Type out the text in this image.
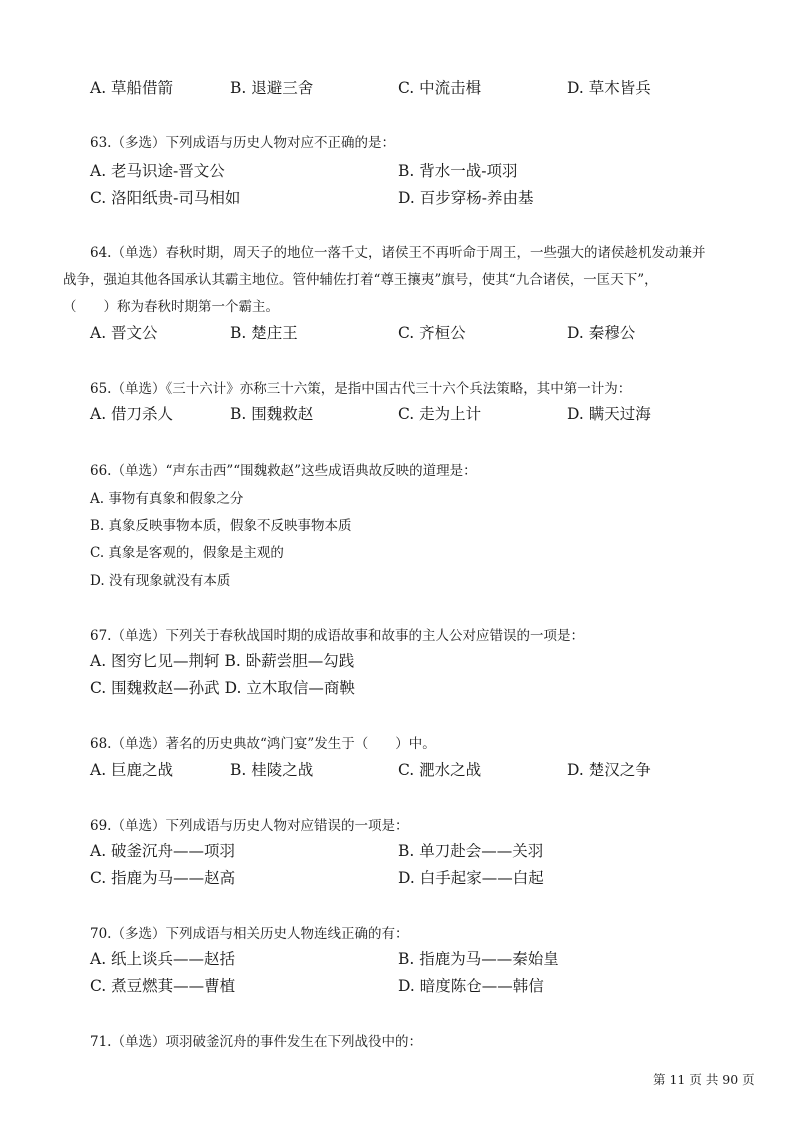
A. 草船借箭	B. 退避三舍	C. 中流击楫	D. 草木皆兵
63.（多选）下列成语与历史人物对应不正确的是：
A. 老马识途-晋文公	B. 背水一战-项羽
C. 洛阳纸贵-司马相如	D. 百步穿杨-养由基
64.（单选）春秋时期，周天子的地位一落千丈，诸侯王不再听命于周王，一些强大的诸侯趁机发动兼并
战争，强迫其他各国承认其霸主地位。管仲辅佐打着“尊王攘夷”旗号，使其“九合诸侯，一匡天下”，
（　　）称为春秋时期第一个霸主。
A. 晋文公	B. 楚庄王	C. 齐桓公	D. 秦穆公
65.（单选）《三十六计》亦称三十六策，是指中国古代三十六个兵法策略，其中第一计为：
A. 借刀杀人	B. 围魏救赵	C. 走为上计	D. 瞒天过海
66.（单选）“声东击西”“围魏救赵”这些成语典故反映的道理是：
A. 事物有真象和假象之分
B. 真象反映事物本质，假象不反映事物本质
C. 真象是客观的，假象是主观的
D. 没有现象就没有本质
67.（单选）下列关于春秋战国时期的成语故事和故事的主人公对应错误的一项是：
A. 图穷匕见—荆轲 B. 卧薪尝胆—勾践
C. 围魏救赵—孙武 D. 立木取信—商鞅
68.（单选）著名的历史典故“鸿门宴”发生于（　　）中。
A. 巨鹿之战	B. 桂陵之战	C. 淝水之战	D. 楚汉之争
69.（单选）下列成语与历史人物对应错误的一项是：
A. 破釜沉舟——项羽	B. 单刀赴会——关羽
C. 指鹿为马——赵高	D. 白手起家——白起
70.（多选）下列成语与相关历史人物连线正确的有：
A. 纸上谈兵——赵括	B. 指鹿为马——秦始皇
C. 煮豆燃萁——曹植	D. 暗度陈仓——韩信
71.（单选）项羽破釜沉舟的事件发生在下列战役中的：
第 11 页 共 90 页
